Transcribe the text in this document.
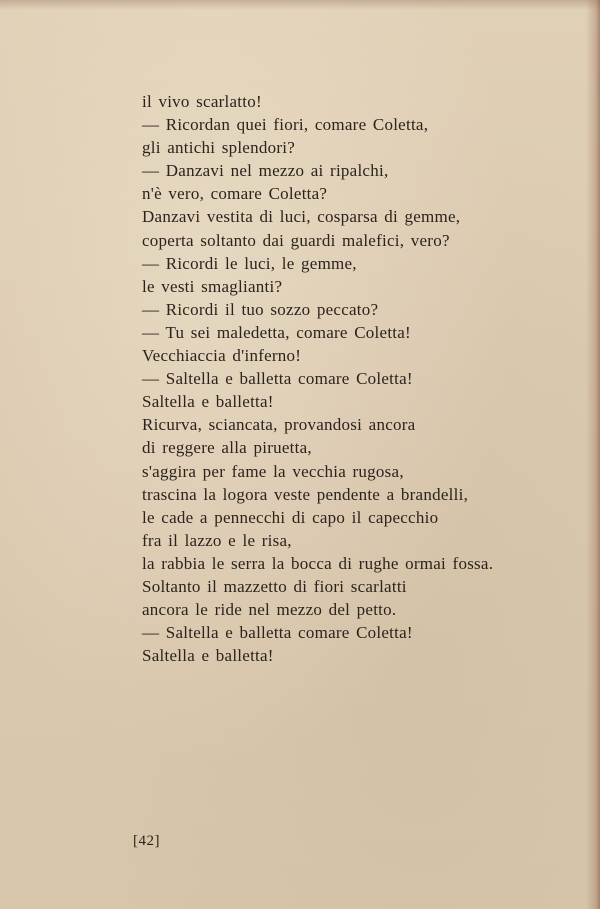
il vivo scarlatto!
— Ricordan quei fiori, comare Coletta,
gli antichi splendori?
— Danzavi nel mezzo ai ripalchi,
n'è vero, comare Coletta?
Danzavi vestita di luci, cosparsa di gemme,
coperta soltanto dai guardi malefici, vero?
— Ricordi le luci, le gemme,
le vesti smaglianti?
— Ricordi il tuo sozzo peccato?
— Tu sei maledetta, comare Coletta!
Vecchiaccia d'inferno!
— Saltella e balletta comare Coletta!
Saltella e balletta!
Ricurva, sciancata, provandosi ancora
di reggere alla piruetta,
s'aggira per fame la vecchia rugosa,
trascina la logora veste pendente a brandelli,
le cade a pennecchi di capo il capecchio
fra il lazzo e le risa,
la rabbia le serra la bocca di rughe ormai fossa.
Soltanto il mazzetto di fiori scarlatti
ancora le ride nel mezzo del petto.
— Saltella e balletta comare Coletta!
Saltella e balletta!
[42]
